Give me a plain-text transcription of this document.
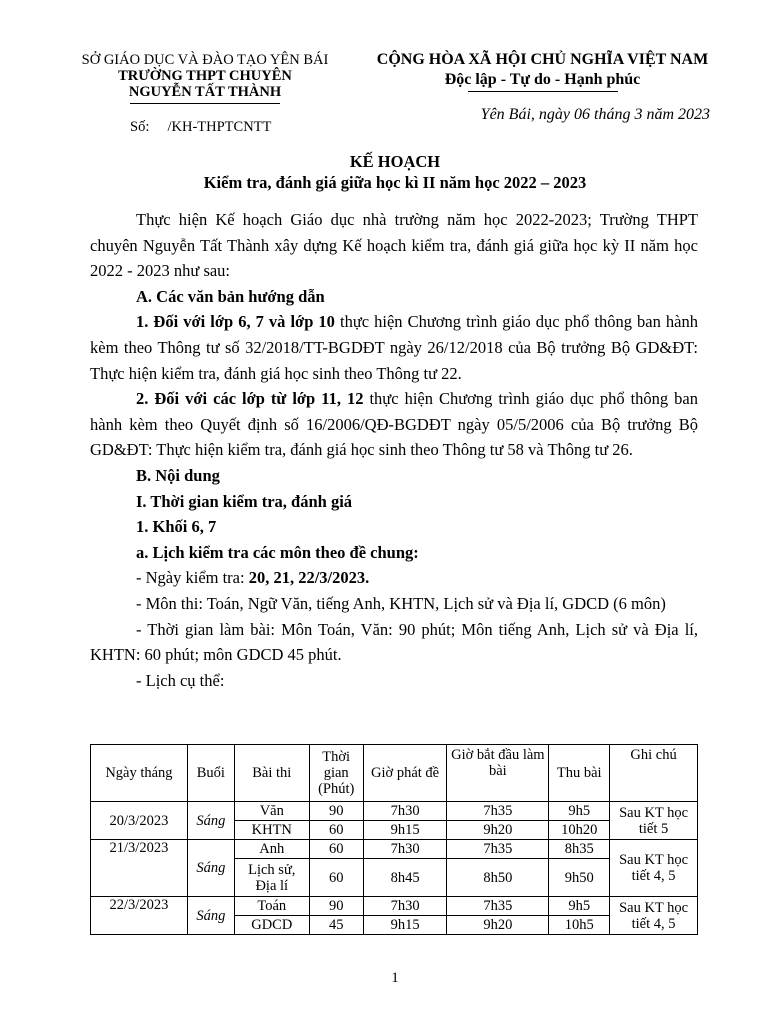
SỞ GIÁO DỤC VÀ ĐÀO TẠO YÊN BÁI
TRƯỜNG THPT CHUYÊN
NGUYỄN TẤT THÀNH
Số: /KH-THPTCNTT
CỘNG HÒA XÃ HỘI CHỦ NGHĨA VIỆT NAM
Độc lập - Tự do - Hạnh phúc
Yên Bái, ngày 06 tháng 3 năm 2023
KẾ HOẠCH
Kiểm tra, đánh giá giữa học kì II năm học 2022 – 2023

Thực hiện Kế hoạch Giáo dục nhà trường năm học 2022-2023; Trường THPT chuyên Nguyễn Tất Thành xây dựng Kế hoạch kiểm tra, đánh giá giữa học kỳ II năm học 2022 - 2023 như sau:

A. Các văn bản hướng dẫn

1. Đối với lớp 6, 7 và lớp 10 thực hiện Chương trình giáo dục phổ thông ban hành kèm theo Thông tư số 32/2018/TT-BGDĐT ngày 26/12/2018 của Bộ trưởng Bộ GD&ĐT: Thực hiện kiểm tra, đánh giá học sinh theo Thông tư 22.

2. Đối với các lớp từ lớp 11, 12 thực hiện Chương trình giáo dục phổ thông ban hành kèm theo Quyết định số 16/2006/QĐ-BGDĐT ngày 05/5/2006 của Bộ trưởng Bộ GD&ĐT: Thực hiện kiểm tra, đánh giá học sinh theo Thông tư 58 và Thông tư 26.

B. Nội dung

I. Thời gian kiểm tra, đánh giá

1. Khối 6, 7

a. Lịch kiểm tra các môn theo đề chung:

- Ngày kiểm tra: 20, 21, 22/3/2023.

- Môn thi: Toán, Ngữ Văn, tiếng Anh, KHTN, Lịch sử và Địa lí, GDCD (6 môn)

- Thời gian làm bài: Môn Toán, Văn: 90 phút; Môn tiếng Anh, Lịch sử và Địa lí, KHTN: 60 phút; môn GDCD 45 phút.

- Lịch cụ thể:

Ngày tháng	Buổi	Bài thi	Thời gian (Phút)	Giờ phát đề	Giờ bắt đầu làm bài	Thu bài	Ghi chú
20/3/2023	Sáng	Văn	90	7h30	7h35	9h5	Sau KT học tiết 5
		KHTN	60	9h15	9h20	10h20	
21/3/2023	Sáng	Anh	60	7h30	7h35	8h35	Sau KT học tiết 4, 5
		Lịch sử, Địa lí	60	8h45	8h50	9h50	
22/3/2023	Sáng	Toán	90	7h30	7h35	9h5	Sau KT học tiết 4, 5
		GDCD	45	9h15	9h20	10h5	
1
